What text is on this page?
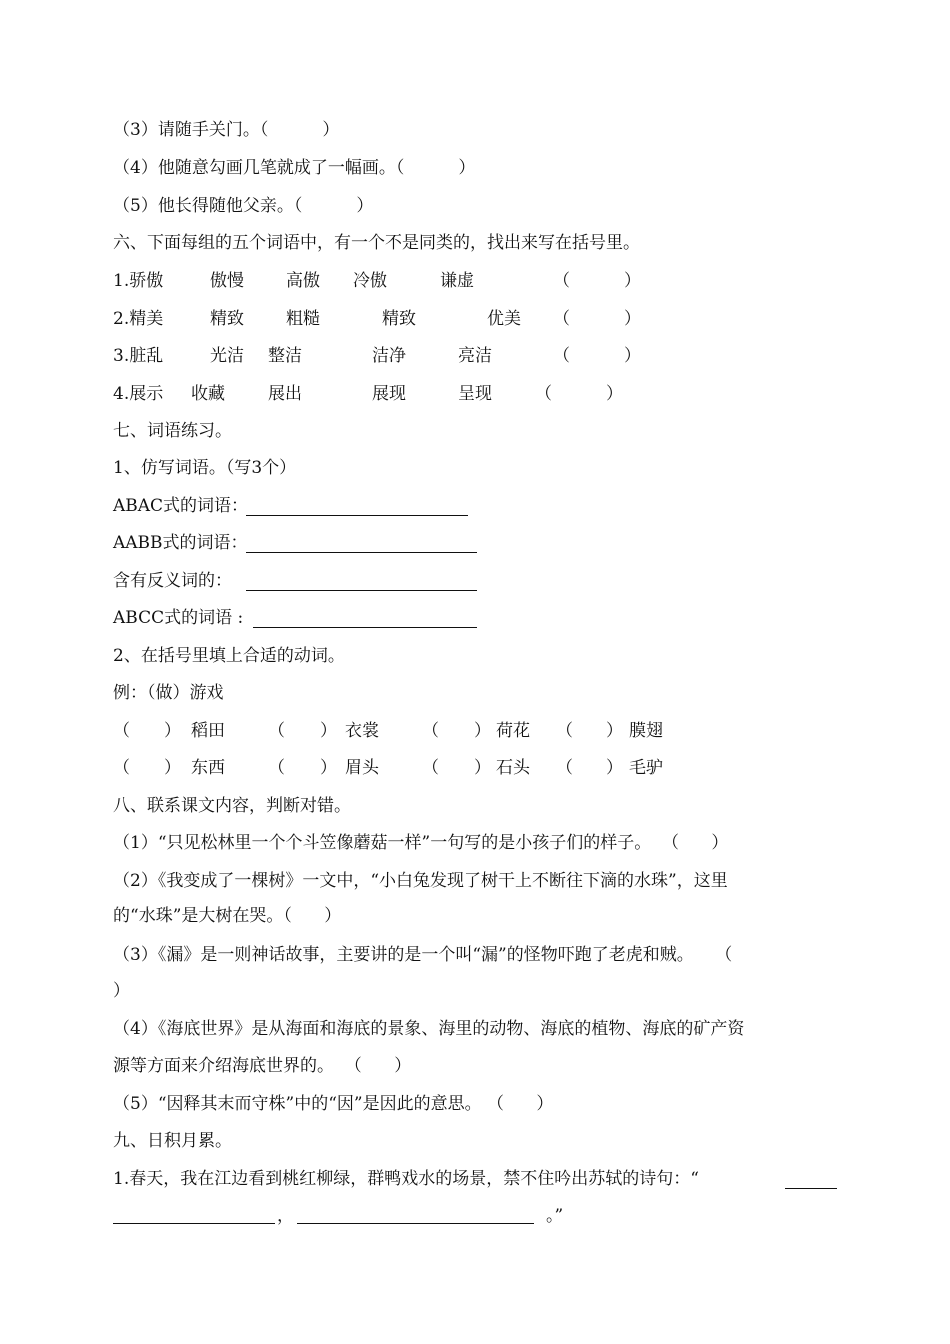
（3）请随手关门。（          ）
（4）他随意勾画几笔就成了一幅画。（          ）
（5）他长得随他父亲。（          ）
六、下面每组的五个词语中，有一个不是同类的，找出来写在括号里。
1.骄傲	傲慢 高傲 冷傲	谦虚	（          ）
2.精美	精致 粗糙	精致	优美 （          ）
3.脏乱	光洁 整洁	洁净	亮洁	（          ）
4.展示 收藏	展出	展现	呈现	（          ）
七、词语练习。
1、仿写词语。（写3个）
ABAC式的词语：
AABB式的词语：
含有反义词的：
ABCC式的词语 :
2、在括号里填上合适的动词。
例：（做）游戏
（ ） 稻田	（ ） 衣裳	（ ） 荷花 （ ） 膜翅
（ ） 东西	（ ） 眉头	（ ） 石头 （ ） 毛驴
八、联系课文内容，判断对错。
（1）“只见松林里一个个斗笠像蘑菇一样”一句写的是小孩子们的样子。  （      ）
（2）《我变成了一棵树》一文中，“小白兔发现了树干上不断往下滴的水珠”，这里
的“水珠”是大树在哭。（      ）
（3）《漏》是一则神话故事，主要讲的是一个叫“漏”的怪物吓跑了老虎和贼。    （
）
（4）《海底世界》是从海面和海底的景象、海里的动物、海底的植物、海底的矿产资
源等方面来介绍海底世界的。  （      ）
（5）“因释其末而守株”中的“因”是因此的意思。 （      ）
九、日积月累。
1.春天，我在江边看到桃红柳绿，群鸭戏水的场景，禁不住吟出苏轼的诗句：“
，	。”
